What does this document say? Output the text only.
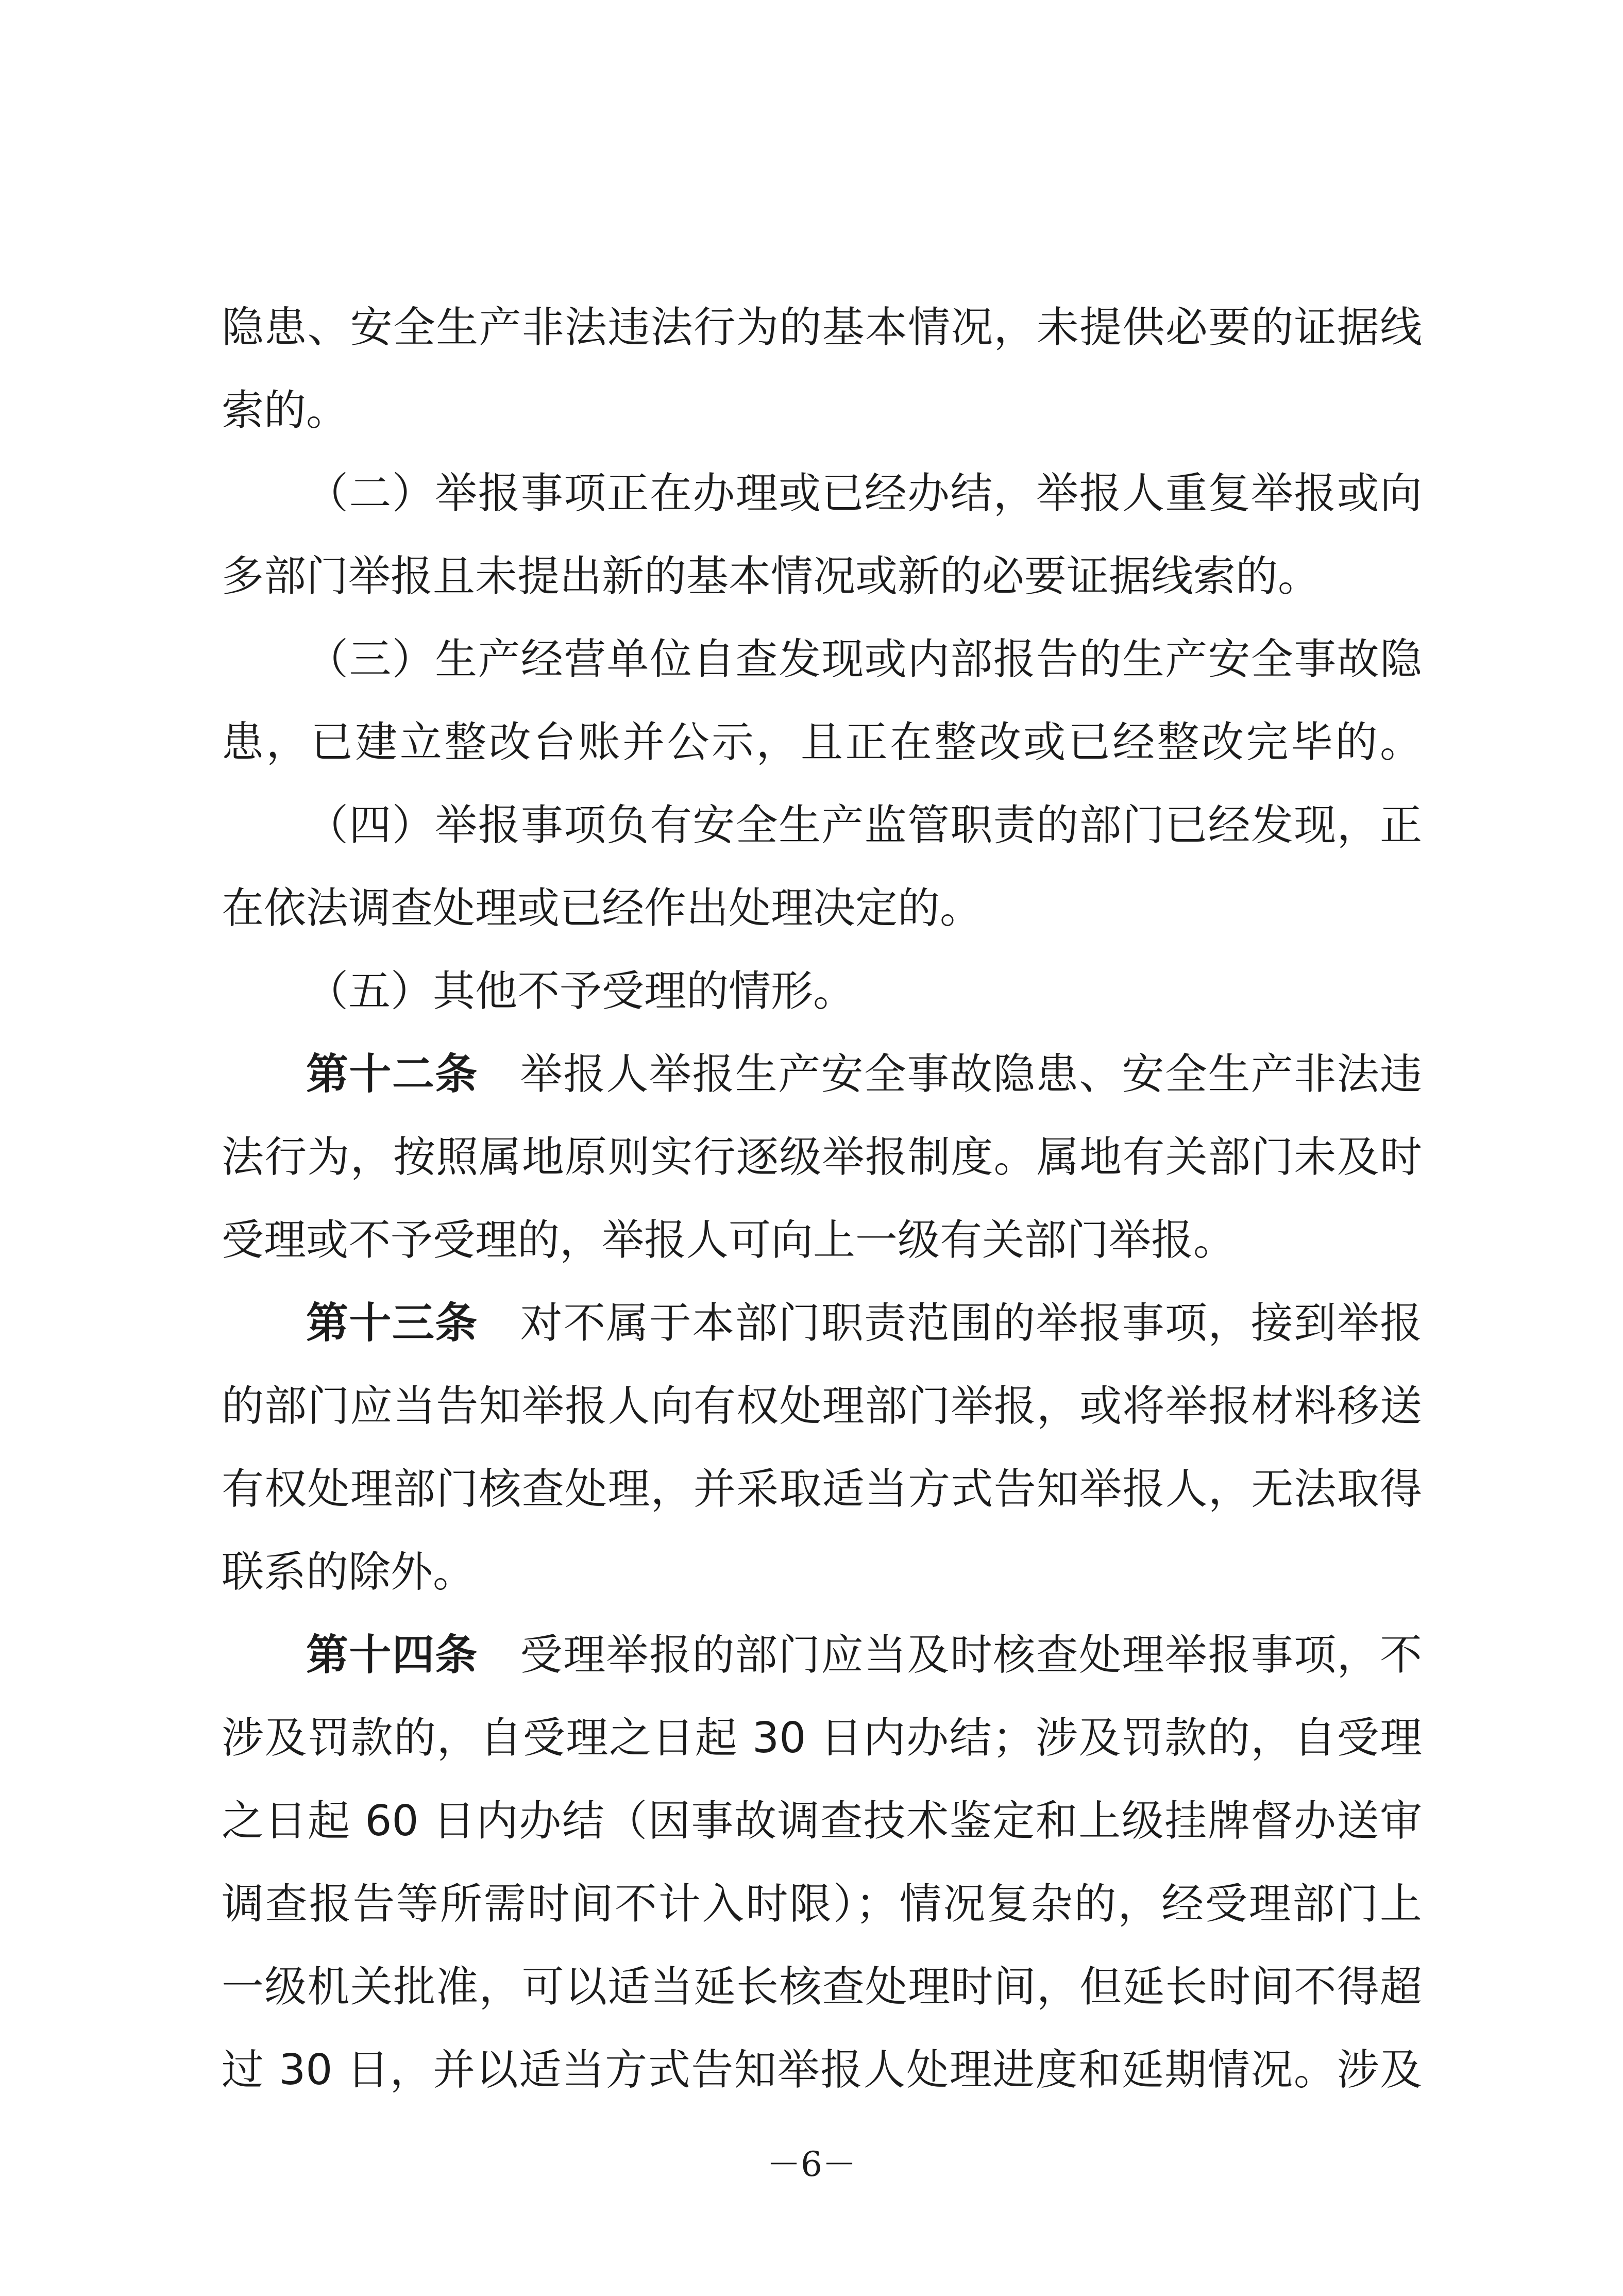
隐患、安全生产非法违法行为的基本情况，未提供必要的证据线
索的。
（二）举报事项正在办理或已经办结，举报人重复举报或向
多部门举报且未提出新的基本情况或新的必要证据线索的。
（三）生产经营单位自查发现或内部报告的生产安全事故隐
患，已建立整改台账并公示，且正在整改或已经整改完毕的。
（四）举报事项负有安全生产监管职责的部门已经发现，正
在依法调查处理或已经作出处理决定的。
（五）其他不予受理的情形。
第十二条 举报人举报生产安全事故隐患、安全生产非法违
法行为，按照属地原则实行逐级举报制度。属地有关部门未及时
受理或不予受理的，举报人可向上一级有关部门举报。
第十三条 对不属于本部门职责范围的举报事项，接到举报
的部门应当告知举报人向有权处理部门举报，或将举报材料移送
有权处理部门核查处理，并采取适当方式告知举报人，无法取得
联系的除外。
第十四条 受理举报的部门应当及时核查处理举报事项，不
涉及罚款的，自受理之日起 30 日内办结；涉及罚款的，自受理
之日起 60 日内办结（因事故调查技术鉴定和上级挂牌督办送审
调查报告等所需时间不计入时限）；情况复杂的，经受理部门上
一级机关批准，可以适当延长核查处理时间，但延长时间不得超
过 30 日，并以适当方式告知举报人处理进度和延期情况。涉及
－6－
